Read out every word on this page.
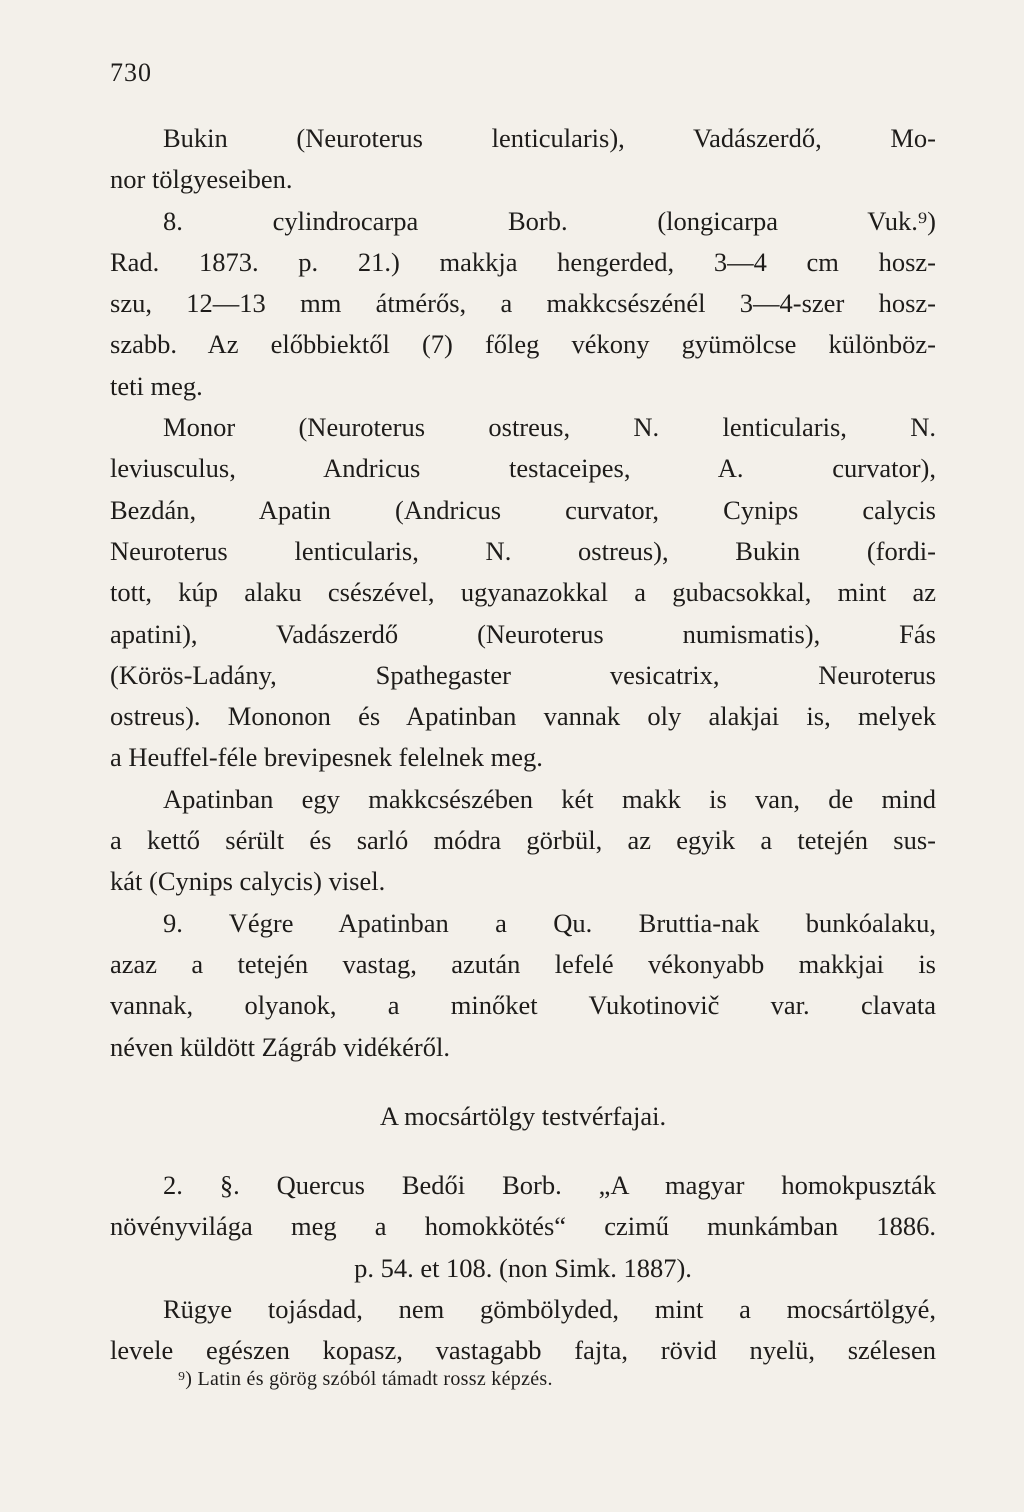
730
  Bukin (Neuroterus lenticularis), Vadászerdő, Mo-
nor tölgyeseiben.
  8. cylindrocarpa Borb. (longicarpa Vuk.⁹)
Rad. 1873. p. 21.) makkja hengerded, 3—4 cm hosz-
szu, 12—13 mm átmérős, a makkcsészénél 3—4-szer hosz-
szabb. Az előbbiektől (7) főleg vékony gyümölcse különböz-
teti meg.
  Monor (Neuroterus ostreus, N. lenticularis, N.
leviusculus, Andricus testaceipes, A. curvator),
Bezdán, Apatin (Andricus curvator, Cynips calycis
Neuroterus lenticularis, N. ostreus), Bukin (fordi-
tott, kúp alaku csészével, ugyanazokkal a gubacsokkal, mint az
apatini), Vadászerdő (Neuroterus numismatis), Fás
(Körös-Ladány, Spathegaster vesicatrix, Neuroterus
ostreus). Mononon és Apatinban vannak oly alakjai is, melyek
a Heuffel-féle brevipesnek felelnek meg.
  Apatinban egy makkcsészében két makk is van, de mind
a kettő sérült és sarló módra görbül, az egyik a tetején sus-
kát (Cynips calycis) visel.
  9. Végre Apatinban a Qu. Bruttia-nak bunkóalaku,
azaz a tetején vastag, azután lefelé vékonyabb makkjai is
vannak, olyanok, a minőket Vukotinovič var. clavata
néven küldött Zágráb vidékéről.
A mocsártölgy testvérfajai.
  2. §. Quercus Bedői Borb. „A magyar homokpuszták
növényvilága meg a homokkötés“ czimű munkámban 1886.
p. 54. et 108. (non Simk. 1887).
  Rügye tojásdad, nem gömbölyded, mint a mocsártölgyé,
levele egészen kopasz, vastagabb fajta, rövid nyelü, szélesen
⁹) Latin és görög szóból támadt rossz képzés.
